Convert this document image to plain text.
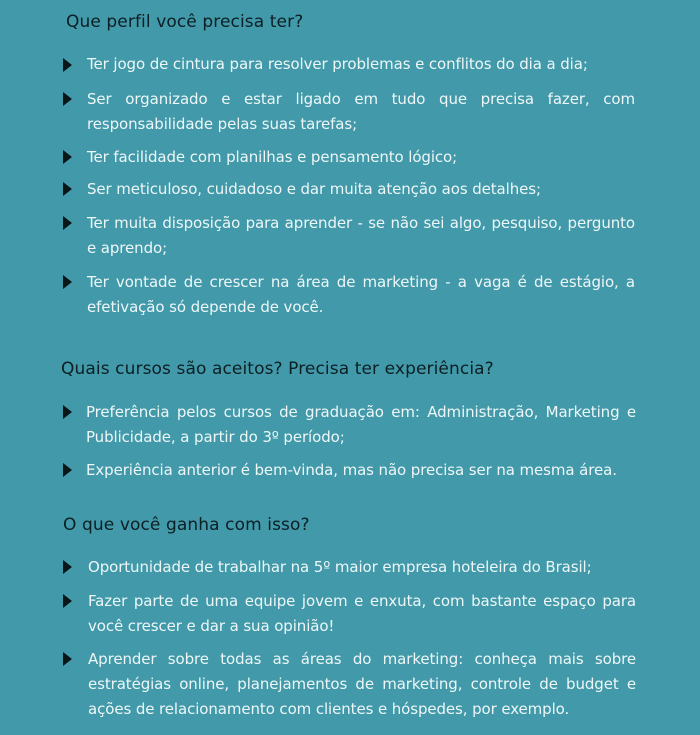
Que perfil você precisa ter?
Ter jogo de cintura para resolver problemas e conflitos do dia a dia;
Ser organizado e estar ligado em tudo que precisa fazer, com responsabilidade pelas suas tarefas;
Ter facilidade com planilhas e pensamento lógico;
Ser meticuloso, cuidadoso e dar muita atenção aos detalhes;
Ter muita disposição para aprender - se não sei algo, pesquiso, pergunto e aprendo;
Ter vontade de crescer na área de marketing - a vaga é de estágio, a efetivação só depende de você.
Quais cursos são aceitos? Precisa ter experiência?
Preferência pelos cursos de graduação em: Administração, Marketing e Publicidade, a partir do 3º período;
Experiência anterior é bem-vinda, mas não precisa ser na mesma área.
O que você ganha com isso?
Oportunidade de trabalhar na 5º maior empresa hoteleira do Brasil;
Fazer parte de uma equipe jovem e enxuta, com bastante espaço para você crescer e dar a sua opinião!
Aprender sobre todas as áreas do marketing: conheça mais sobre estratégias online, planejamentos de marketing, controle de budget e ações de relacionamento com clientes e hóspedes, por exemplo.
